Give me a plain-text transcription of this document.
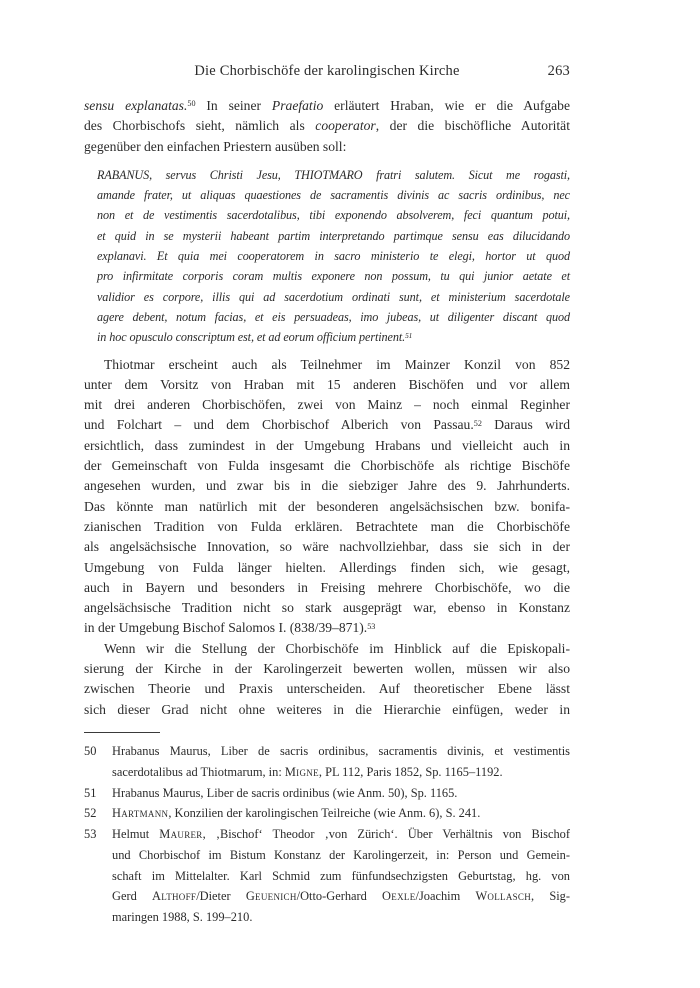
Die Chorbischöfe der karolingischen Kirche	263
sensu explanatas.$^{50}$ In seiner Praefatio erläutert Hraban, wie er die Aufgabe
des Chorbischofs sieht, nämlich als cooperator, der die bischöfliche Autorität
gegenüber den einfachen Priestern ausüben soll:
RABANUS, servus Christi Jesu, THIOTMARO fratri salutem. Sicut me rogasti,
amande frater, ut aliquas quaestiones de sacramentis divinis ac sacris ordinibus, nec
non et de vestimentis sacerdotalibus, tibi exponendo absolverem, feci quantum potui,
et quid in se mysterii habeant partim interpretando partimque sensu eas dilucidando
explanavi. Et quia mei cooperatorem in sacro ministerio te elegi, hortor ut quod
pro infirmitate corporis coram multis exponere non possum, tu qui junior aetate et
validior es corpore, illis qui ad sacerdotium ordinati sunt, et ministerium sacerdotale
agere debent, notum facias, et eis persuadeas, imo jubeas, ut diligenter discant quod
in hoc opusculo conscriptum est, et ad eorum officium pertinent.$^{51}$
Thiotmar erscheint auch als Teilnehmer im Mainzer Konzil von 852
unter dem Vorsitz von Hraban mit 15 anderen Bischöfen und vor allem
mit drei anderen Chorbischöfen, zwei von Mainz – noch einmal Reginher
und Folchart – und dem Chorbischof Alberich von Passau.$^{52}$ Daraus wird
ersichtlich, dass zumindest in der Umgebung Hrabans und vielleicht auch in
der Gemeinschaft von Fulda insgesamt die Chorbischöfe als richtige Bischöfe
angesehen wurden, und zwar bis in die siebziger Jahre des 9. Jahrhunderts.
Das könnte man natürlich mit der besonderen angelsächsischen bzw. bonifa-
zianischen Tradition von Fulda erklären. Betrachtete man die Chorbischöfe
als angelsächsische Innovation, so wäre nachvollziehbar, dass sie sich in der
Umgebung von Fulda länger hielten. Allerdings finden sich, wie gesagt,
auch in Bayern und besonders in Freising mehrere Chorbischöfe, wo die
angelsächsische Tradition nicht so stark ausgeprägt war, ebenso in Konstanz
in der Umgebung Bischof Salomos I. (838/39–871).$^{53}$
Wenn wir die Stellung der Chorbischöfe im Hinblick auf die Episkopali-
sierung der Kirche in der Karolingerzeit bewerten wollen, müssen wir also
zwischen Theorie und Praxis unterscheiden. Auf theoretischer Ebene lässt
sich dieser Grad nicht ohne weiteres in die Hierarchie einfügen, weder in
50	Hrabanus Maurus, Liber de sacris ordinibus, sacramentis divinis, et vestimentis
sacerdotalibus ad Thiotmarum, in: Migne, PL 112, Paris 1852, Sp. 1165–1192.
51	Hrabanus Maurus, Liber de sacris ordinibus (wie Anm. 50), Sp. 1165.
52	Hartmann, Konzilien der karolingischen Teilreiche (wie Anm. 6), S. 241.
53	Helmut Maurer, ‚Bischof‘ Theodor ‚von Zürich‘. Über Verhältnis von Bischof
und Chorbischof im Bistum Konstanz der Karolingerzeit, in: Person und Gemein-
schaft im Mittelalter. Karl Schmid zum fünfundsechzigsten Geburtstag, hg. von
Gerd Althoff/Dieter Geuenich/Otto-Gerhard Oexle/Joachim Wollasch, Sig-
maringen 1988, S. 199–210.
